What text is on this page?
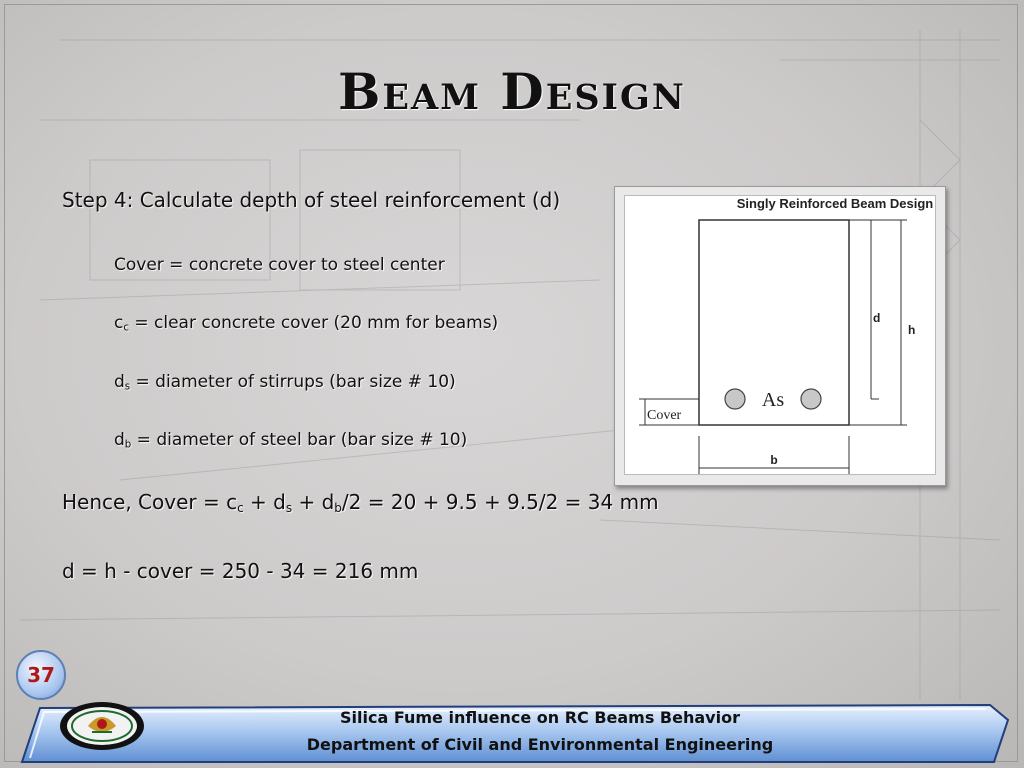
Beam Design
Step 4: Calculate depth of steel reinforcement (d)
Cover = concrete cover to steel center
$c_c$ = clear concrete cover (20 mm for beams)
$d_s$ = diameter of stirrups (bar size # 10)
$d_b$ = diameter of steel bar (bar size # 10)
Hence, Cover = $c_c + d_s + d_b/2 = 20 + 9.5 + 9.5/2 = 34$ mm
d = h - cover = 250 - 34 = 216 mm
Singly Reinforced Beam Design
d
h
As
Cover
b
37
Silica Fume influence on RC Beams Behavior
Department of Civil and Environmental Engineering
